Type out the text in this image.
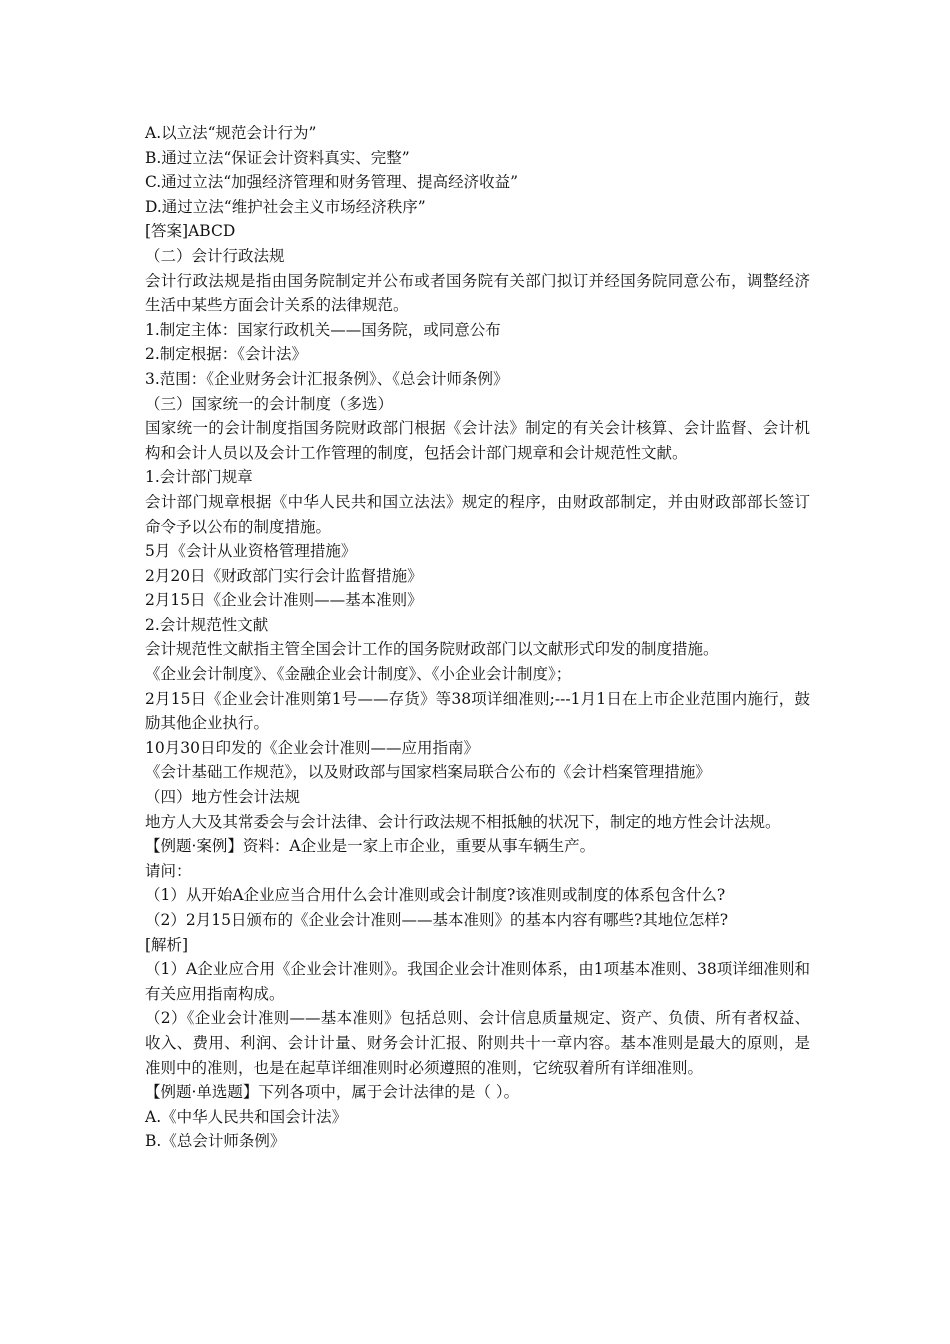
A.以立法“规范会计行为”

B.通过立法“保证会计资料真实、完整”

C.通过立法“加强经济管理和财务管理、提高经济收益”

D.通过立法“维护社会主义市场经济秩序”

[答案]ABCD

（二）会计行政法规

会计行政法规是指由国务院制定并公布或者国务院有关部门拟订并经国务院同意公布，调整经济生活中某些方面会计关系的法律规范。

1.制定主体：国家行政机关——国务院，或同意公布

2.制定根据：《会计法》

3.范围：《企业财务会计汇报条例》、《总会计师条例》

（三）国家统一的会计制度（多选）

国家统一的会计制度指国务院财政部门根据《会计法》制定的有关会计核算、会计监督、会计机构和会计人员以及会计工作管理的制度，包括会计部门规章和会计规范性文献。

1.会计部门规章

会计部门规章根据《中华人民共和国立法法》规定的程序，由财政部制定，并由财政部部长签订命令予以公布的制度措施。

5月《会计从业资格管理措施》

2月20日《财政部门实行会计监督措施》

2月15日《企业会计准则——基本准则》

2.会计规范性文献

会计规范性文献指主管全国会计工作的国务院财政部门以文献形式印发的制度措施。

《企业会计制度》、《金融企业会计制度》、《小企业会计制度》；

2月15日《企业会计准则第1号——存货》等38项详细准则;---1月1日在上市企业范围内施行，鼓励其他企业执行。

10月30日印发的《企业会计准则——应用指南》

《会计基础工作规范》，以及财政部与国家档案局联合公布的《会计档案管理措施》

（四）地方性会计法规

地方人大及其常委会与会计法律、会计行政法规不相抵触的状况下，制定的地方性会计法规。

【例题·案例】资料：A企业是一家上市企业，重要从事车辆生产。

请问：

（1）从开始A企业应当合用什么会计准则或会计制度?该准则或制度的体系包含什么?

（2）2月15日颁布的《企业会计准则——基本准则》的基本内容有哪些?其地位怎样?

[解析]

（1）A企业应合用《企业会计准则》。我国企业会计准则体系，由1项基本准则、38项详细准则和有关应用指南构成。

（2）《企业会计准则——基本准则》包括总则、会计信息质量规定、资产、负债、所有者权益、收入、费用、利润、会计计量、财务会计汇报、附则共十一章内容。基本准则是最大的原则，是准则中的准则，也是在起草详细准则时必须遵照的准则，它统驭着所有详细准则。

【例题·单选题】下列各项中，属于会计法律的是（ ）。

A.《中华人民共和国会计法》

B.《总会计师条例》
